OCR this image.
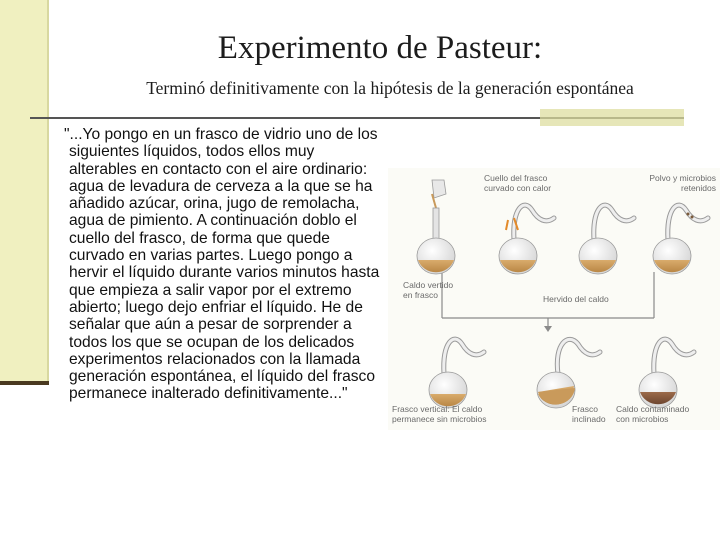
Experimento de Pasteur:
Terminó definitivamente con la hipótesis de la generación espontánea
"...Yo pongo en un frasco de vidrio uno de los siguientes líquidos, todos ellos muy alterables en contacto con el aire ordinario: agua de levadura de cerveza a la que se ha añadido azúcar, orina, jugo de remolacha, agua de pimiento. A continuación doblo el cuello del frasco, de forma que quede curvado en varias partes. Luego pongo a hervir el líquido durante varios minutos hasta que empieza a salir vapor por el extremo abierto; luego dejo enfriar el líquido. He de señalar que aún a pesar de sorprender a todos los que se ocupan de los delicados experimentos relacionados con la llamada generación espontánea, el líquido del frasco permanece inalterado definitivamente..."
Cuello del frasco
curvado con calor
Polvo y microbios
retenidos
Caldo vertido
en frasco	Hervido del caldo
Frasco vertical: El caldo
permanece sin microbios
Frasco
inclinado
Caldo contaminado
con microbios
